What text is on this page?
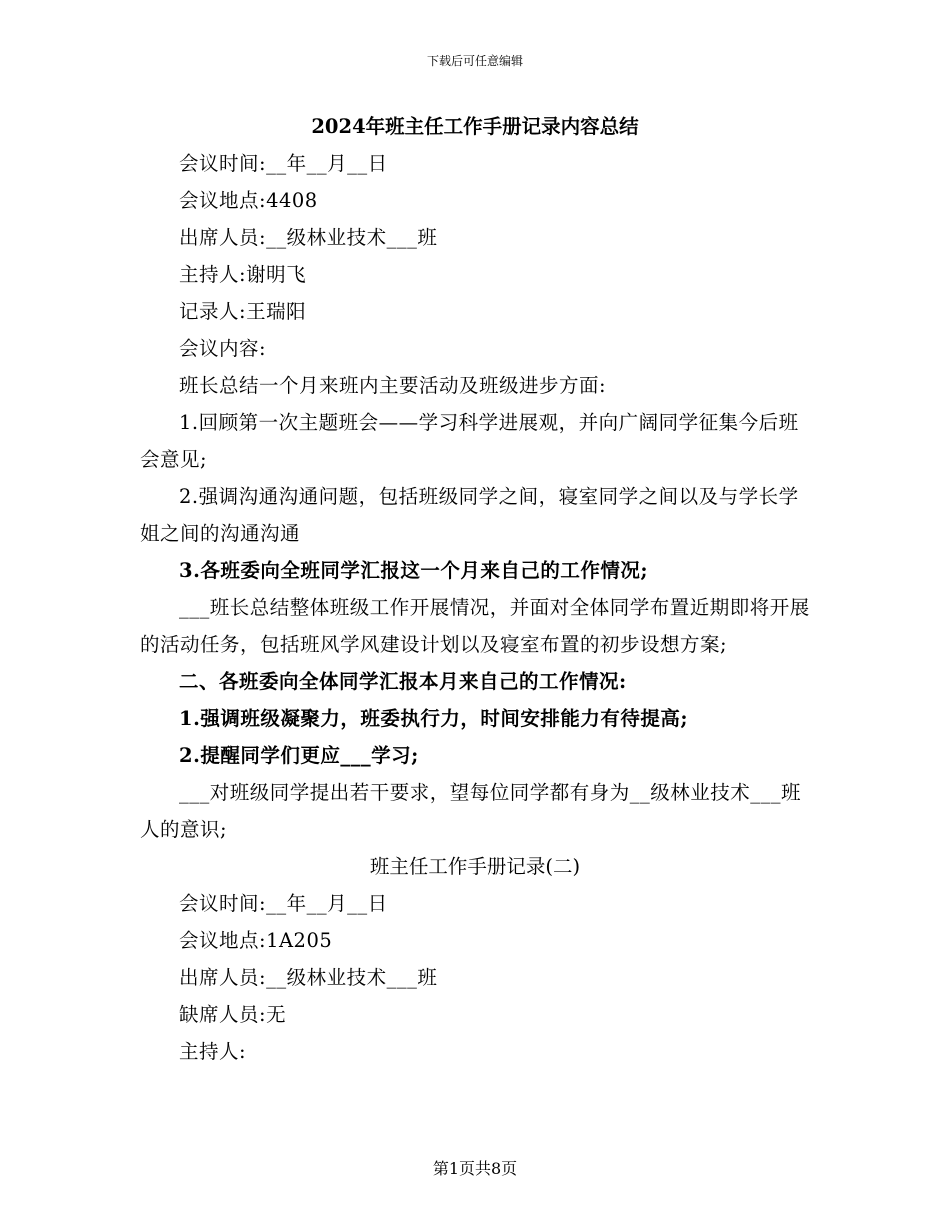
下载后可任意编辑
2024年班主任工作手册记录内容总结

会议时间:__年__月__日

会议地点:4408

出席人员:__级林业技术___班

主持人:谢明飞

记录人:王瑞阳

会议内容:

班长总结一个月来班内主要活动及班级进步方面:

1.回顾第一次主题班会——学习科学进展观，并向广阔同学征集今后班会意见;

2.强调沟通沟通问题，包括班级同学之间，寝室同学之间以及与学长学姐之间的沟通沟通

3.各班委向全班同学汇报这一个月来自己的工作情况;

___班长总结整体班级工作开展情况，并面对全体同学布置近期即将开展的活动任务，包括班风学风建设计划以及寝室布置的初步设想方案;

二、各班委向全体同学汇报本月来自己的工作情况:

1.强调班级凝聚力，班委执行力，时间安排能力有待提高;

2.提醒同学们更应___学习;

___对班级同学提出若干要求，望每位同学都有身为__级林业技术___班人的意识;

班主任工作手册记录(二)

会议时间:__年__月__日

会议地点:1A205

出席人员:__级林业技术___班

缺席人员:无

主持人:

第1页共8页
